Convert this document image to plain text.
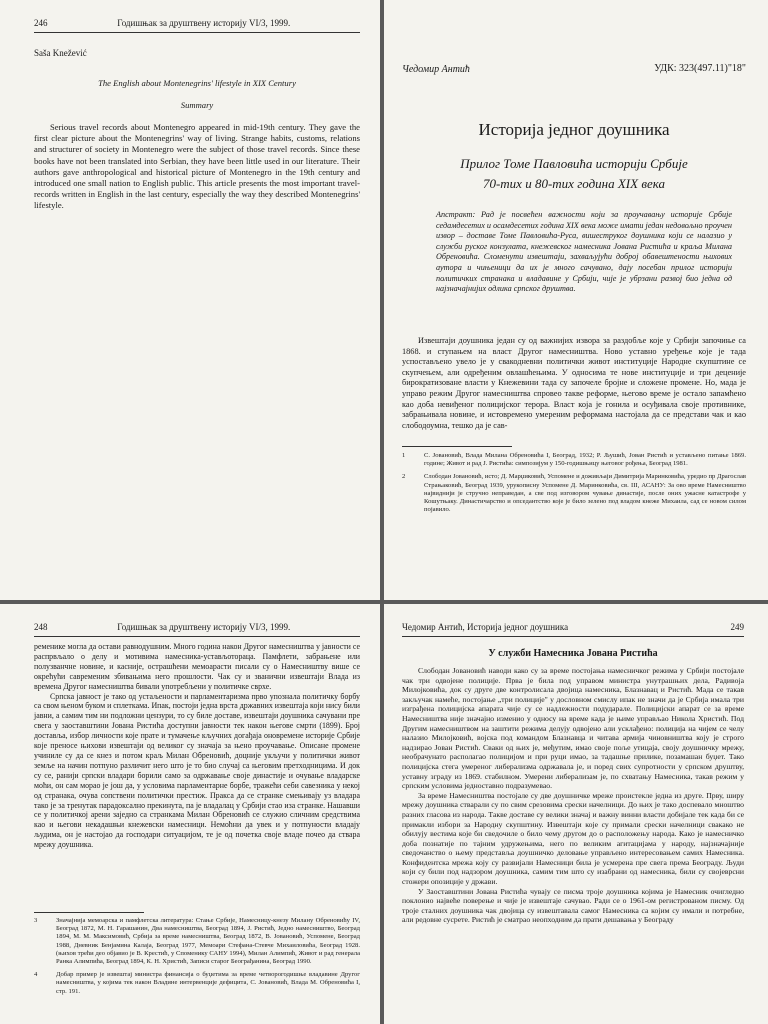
246	Годишњак за друштвену историју VI/3, 1999.
Saša Knežević
The English about Montenegrins' lifestyle in XIX Century
Summary
Serious travel records about Montenegro appeared in mid-19th century. They gave the first clear picture about the Montenegrins' way of living. Strange habits, customs, relations and structurer of society in Montenegro were the subject of those travel records. Since these books have not been translated into Serbian, they have been little used in our literature. Their authors gave anthropological and historical picture of Montenegro in the 19th century and introduced one small nation to English public. This article presents the most important travel-records written in English in the last century, especially the way they described Montenegrins' lifestyle.
Чедомир Антић	УДК: 323(497.11)"18"
Историја једног доушника
Прилог Томе Павловића историји Србије
70-тих и 80-тих година XIX века
Апстракт: Рад је посвећен важности који за проучавању историје Србије седамдесетих и осамдесетих година XIX века може имати један недовољно проучен извор – доставе Томе Павловића-Руса, вишеструког доушника који се налазио у служби руског конзулата, кнежевског намесника Јована Ристића и краља Милана Обреновића. Сломенути извештаји, захваљујући доброј обавештености њихових аутора и чињеници да их је много сачувано, дају посебан прилог историји политичких странака и владавине у Србији, чије је убрзани развој био једна од најзначајнијих одлика српског друштва.
Извештаји доушника један су од важнијих извора за раздобље које у Србији започиње са 1868. и ступањем на власт Другог намесништва. Ново уставно уређење које је тада успостављено увело је у свакодневни политички живот институције Народне скупштине се скупчењем, али одређеним овлашћењима. У односима те нове институције и три деценије бирократизоване власти у Кнежевини тада су започеле бројне и сложене промене. Но, мада је управо режим Другог намесништва спровео такве реформе, његово време је остало запамћено као доба невиђеног полицијског терора. Власт која је гонила и осуђивала своје противнике, забрањивала новине, и истовремено умереним реформама настојала да се представи чак и као слободоумна, тешко да је сав-
1	С. Јовановић, Влада Милана Обреновића I, Београд, 1932; Р. Љушић, Јован Ристић и устављено питање 1869. године; Живот и рад Ј. Ристића: симпозијум у 150-годишњицу његовог рођења, Београд 1981.
2	Слободан Јовановић, исто; Д. Марџиковић, Успомене и доживљаји Димитрија Маринковића, уредио пр Драгослав Страњаковић, Београд 1939, урукописну Успомене Д. Маринковића, св. III, АСАНУ: За ово време Намесништво највиднији је стручно неправедан, а све под изговором чување династије, после оних ужасне катастрофе у Кошутњаку. Династичарство и опседантство које је било зелено под владом кнеже Михаила, сад се новом силом појавило.
248	Годишњак за друштвену историју VI/3, 1999.

ременике могла да остави равнодушним. Много година након Другог намесништва у јавности се распрвљало о делу и мотивима намесника-устављотораца. Памфлети, забрањене или полузванчне новине, и касније, острашћени мемоарасти писали су о Намесништву више се окрећући савременим збивањима него прошлости. Чак су и званични извештаји Влада из времена Другог намесништва бивали употребљени у политичке сврхе.

Српска јавност је тако од устаљености и парламентаризма прво упознала политичку борбу са свом њеном буком и сплеткама. Ипак, постоји једна врста државних извештаја који нису били јавни, а самим тим ни подложни цензури, то су биле доставе, извештаји доушника сачувани пре свега у заоставштини Јована Ристића доступни јавности тек након његове смрти (1899). Број доставља, избор личности које прате и тумачење кључних догађаја оновремене историје Србије које преносе њихови извештаји од великог су значаја за њено проучавање. Описане промене учиниле су да се кнез и потом краљ Милан Обреновић, доцније укључи у политички живот земље на начин потпуно различит него што је то био случај са његовим претходницима. И док су се, ранији српски владари борили само за одржавање своје династије и очување владарске моћи, он сам морао је још да, у условима парламентарне борбе, тражећи себи савезника у некој од странака, очува сопствени политички престиж. Пракса да се странке смењивају уз владара тако је за тренутак парадоксално прекинута, па је владалац у Србији стао иза странке. Нашавши се у политичкој арени заједно са странкама Милан Обреновић се служио сличним средствима као и његови некадашњи кнежевски намесници. Немоћни да увек и у потпуности владају људима, он је настојао да господари ситуацијом, те је од почетка своје владе почео да ствара мрежу доушника.

3	Значајнија мемоарска и памфлетска литература: Стање Србије, Намесницу-кнезу Милану Обреновићу IV, Београд 1872, М. Н. Гарашанин, Два намесништва, Београд 1894, J. Ристић, Једно намесништво, Београд 1894, М. М. Максимовић, Србија за време намесништва, Београд 1872, В. Јовановић, Успомене, Београд 1988, Дневник Бенјамина Калаја, Београд 1977, Мемоари Стефана-Стевче Михаиловића, Београд 1928. (њихов трећи део објавио је В. Крестић, у Споменику САНУ 1994), Милан Алимпић, Живот и рад генерала Ранка Алимпића, Београд 1894, К. Н. Христић, Записи старог Београђанина, Београд 1990.
4	Добар пример је извештај министра финансија о буџетима за време четворогодишње владавине Другог намесништва, у којима тек након Владине интервенције дефицита, С. Јовановић, Влада М. Обреновића I, стр. 191.
Чедомир Антић, Историја једног доушника	249
У служби Намесника Јована Ристића

Слободан Јовановић наводи како су за време постојања намесничког режима у Србији постојале чак три одвојене полиције. Прва је била под управом министра унутрашњих дела, Радивоја Милојковића, док су друге две контролисала двојица намесника, Блазнавац и Ристић. Мада се такав закључак намеће, постојање „три полиције" у дословном смислу ипак не значи да је Србија имала три изграђена полицијска апарата чије су се надлежности подударале. Полицијски апарат се за време Намесништва није значајно изменио у односу на време када је њиме управљао Никола Христић. Под Другим намесништвом на заштити режима делују одвојено али усклађено: полиција на чијем се челу налазио Милојковић, војска под командом Блазнавца и читава армија чиновништва коју је строго надзирао Јован Ристић. Сваки од њих је, међутим, имао своје поље утицаја, своју доушничку мрежу, необрачунато располагао полицијом и при руци имао, за тадашње прилике, позамашан буџет. Тако полицијска стега умереног либерализма одржавала је, и поред свих супротности у српском друштву, уставну зграду из 1869. стабилном. Умерени либерализам је, по схватању Намесника, такав режим у српским условима једноставно подразумевао.

За време Намесништва постојале су две доушничке мреже проистекле једна из друге. Прву, ширу мрежу доушника стварали су по свим срезовима срески начелници. До њих је тако доспевало мноштво разних гласова из народа. Такве доставе су велики значај и важну винни власти добијале тек када би се примакли избори за Народну скупштину. Извештаји које су примали срески начелници свакако не обилују вестима које би сведочиле о било чему другом до о расположењу народа. Како је намесничко доба познатије по тајним удружењима, него по великим агитацијама у народу, најзначајније сведочанство о њему представља доушничко деловање управљено интересовањем самих Намесника. Конфидентска мрежа коју су развијали Намесници била је усмерена пре свега према Београду. Људи који су били под надзором доушника, самим тим што су изабрани од намесника, били су својеврсни стожери опозиције у држави.

У Заоставштини Јована Ристића чувају се писма троје доушника којима је Намесник очигледно поклонио највеће поверење и чије је извештаје сачувао. Ради се о 1961-ом регистрованом писму. Од троје сталних доушника чак двојица су извештавала самог Намесника са којим су имали и потребне, али редовне сусрете. Ристић је сматрао неопходним да прати дешавања у Београду
